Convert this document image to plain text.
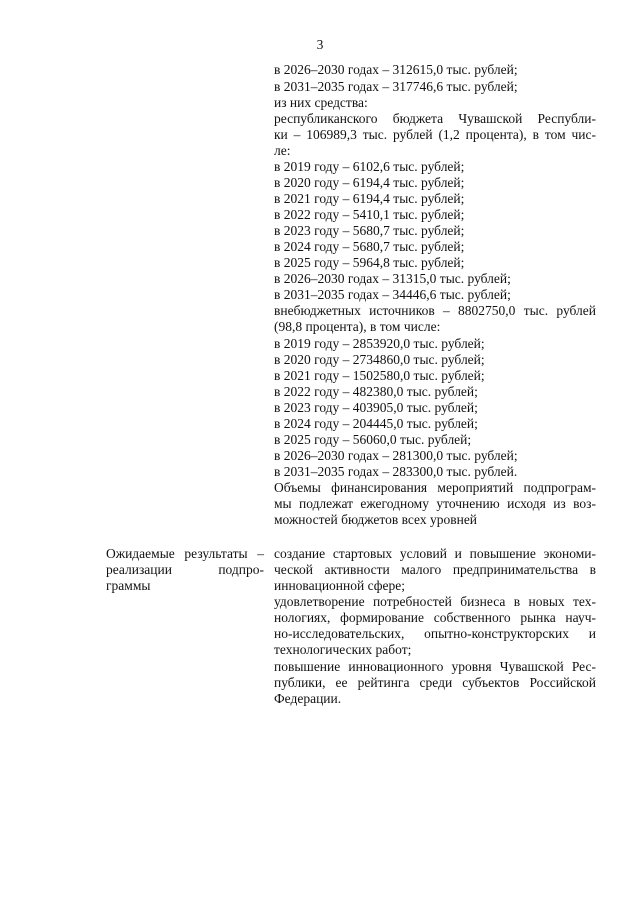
3
в 2026–2030 годах – 312615,0 тыс. рублей;
в 2031–2035 годах – 317746,6 тыс. рублей;
из них средства:
республиканского бюджета Чувашской Республи-
ки – 106989,3 тыс. рублей (1,2 процента), в том чис-
ле:
в 2019 году – 6102,6 тыс. рублей;
в 2020 году – 6194,4 тыс. рублей;
в 2021 году – 6194,4 тыс. рублей;
в 2022 году – 5410,1 тыс. рублей;
в 2023 году – 5680,7 тыс. рублей;
в 2024 году – 5680,7 тыс. рублей;
в 2025 году – 5964,8 тыс. рублей;
в 2026–2030 годах – 31315,0 тыс. рублей;
в 2031–2035 годах – 34446,6 тыс. рублей;
внебюджетных источников – 8802750,0 тыс. рублей
(98,8 процента), в том числе:
в 2019 году – 2853920,0 тыс. рублей;
в 2020 году – 2734860,0 тыс. рублей;
в 2021 году – 1502580,0 тыс. рублей;
в 2022 году – 482380,0 тыс. рублей;
в 2023 году – 403905,0 тыс. рублей;
в 2024 году – 204445,0 тыс. рублей;
в 2025 году – 56060,0 тыс. рублей;
в 2026–2030 годах – 281300,0 тыс. рублей;
в 2031–2035 годах – 283300,0 тыс. рублей.
Объемы финансирования мероприятий подпрограм-
мы подлежат ежегодному уточнению исходя из воз-
можностей бюджетов всех уровней
Ожидаемые результаты –
реализации подпро-
граммы
создание стартовых условий и повышение экономи-
ческой активности малого предпринимательства в
инновационной сфере;
удовлетворение потребностей бизнеса в новых тех-
нологиях, формирование собственного рынка науч-
но-исследовательских, опытно-конструкторских и
технологических работ;
повышение инновационного уровня Чувашской Рес-
публики, ее рейтинга среди субъектов Российской
Федерации.
